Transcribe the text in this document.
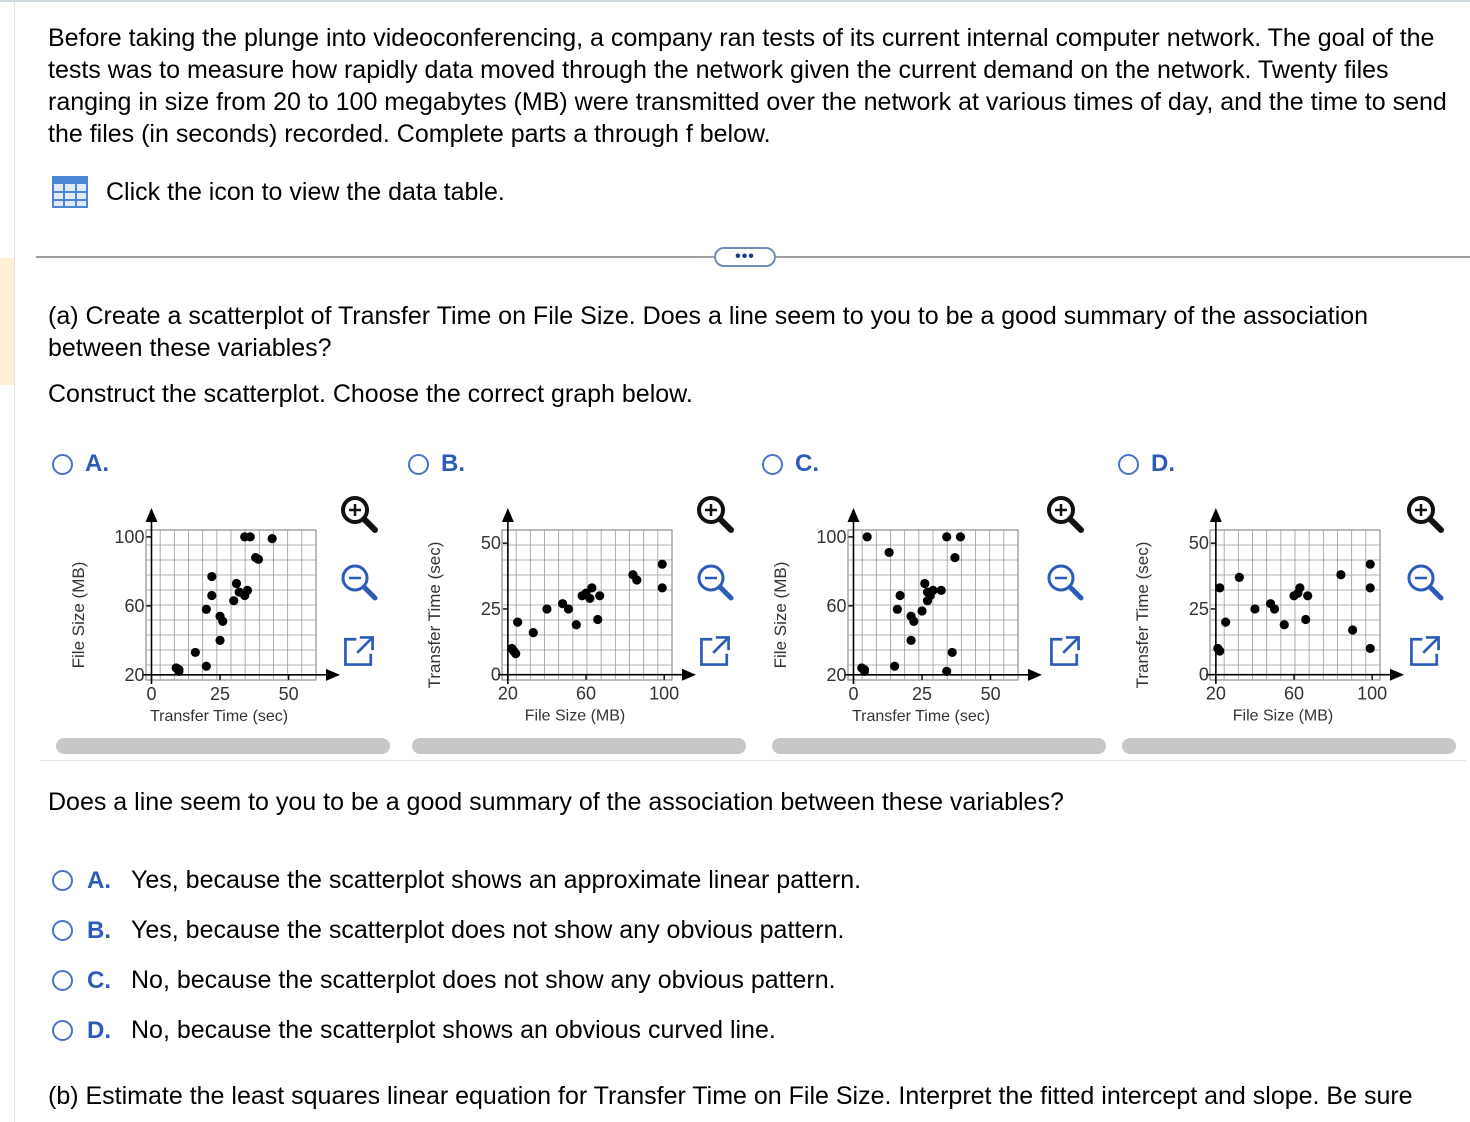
Before taking the plunge into videoconferencing, a company ran tests of its current internal computer network. The goal of the tests was to measure how rapidly data moved through the network given the current demand on the network. Twenty files ranging in size from 20 to 100 megabytes (MB) were transmitted over the network at various times of day, and the time to send the files (in seconds) recorded. Complete parts a through f below.

Click the icon to view the data table.
•••

(a) Create a scatterplot of Transfer Time on File Size. Does a line seem to you to be a good summary of the association between these variables?

Construct the scatterplot. Choose the correct graph below.

A.
0	25	50
20
60
100
Transfer Time (sec)
File Size (MB)
B.
20	60	100
0
25
50
File Size (MB)
Transfer Time (sec)
C.
0	25	50
20
60
100
Transfer Time (sec)
File Size (MB)
D.
20	60	100
0
25
50
File Size (MB)
Transfer Time (sec)

Does a line seem to you to be a good summary of the association between these variables?

A. Yes, because the scatterplot shows an approximate linear pattern.
B. Yes, because the scatterplot does not show any obvious pattern.
C. No, because the scatterplot does not show any obvious pattern.
D. No, because the scatterplot shows an obvious curved line.

(b) Estimate the least squares linear equation for Transfer Time on File Size. Interpret the fitted intercept and slope. Be sure
